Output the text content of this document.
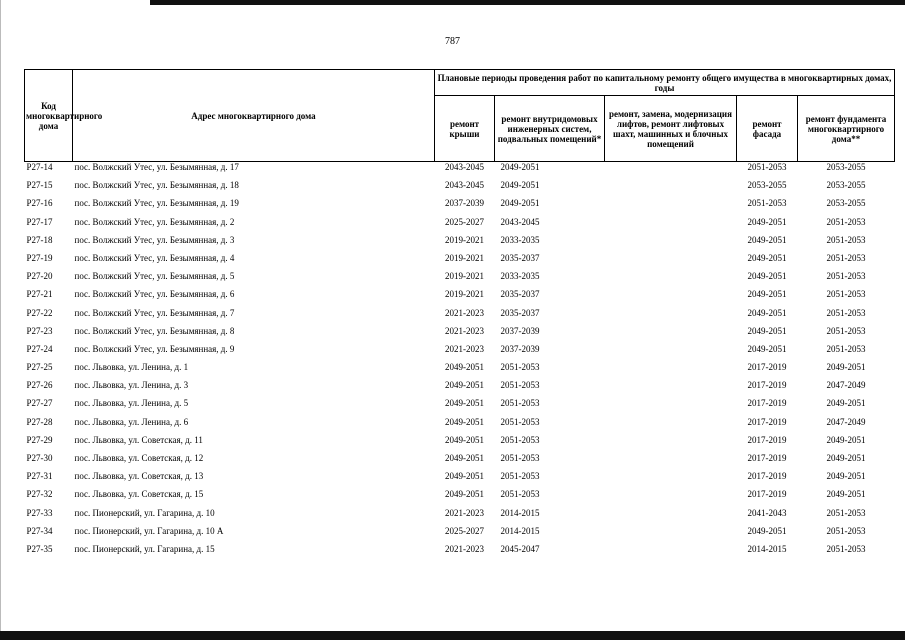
787
Код многоквартирного дома	Адрес многоквартирного дома	Плановые периоды проведения работ по капитальному ремонту общего имущества в многоквартирных домах, годы				
		ремонт крыши	ремонт внутридомовых инженерных систем, подвальных помещений*	ремонт, замена, модернизация лифтов, ремонт лифтовых шахт, машинных и блочных помещений	ремонт фасада	ремонт фундамента многоквартирного дома**
P27-14	пос. Волжский Утес, ул. Безымянная, д. 17	2043-2045	2049-2051		2051-2053	2053-2055
P27-15	пос. Волжский Утес, ул. Безымянная, д. 18	2043-2045	2049-2051		2053-2055	2053-2055
P27-16	пос. Волжский Утес, ул. Безымянная, д. 19	2037-2039	2049-2051		2051-2053	2053-2055
P27-17	пос. Волжский Утес, ул. Безымянная, д. 2	2025-2027	2043-2045		2049-2051	2051-2053
P27-18	пос. Волжский Утес, ул. Безымянная, д. 3	2019-2021	2033-2035		2049-2051	2051-2053
P27-19	пос. Волжский Утес, ул. Безымянная, д. 4	2019-2021	2035-2037		2049-2051	2051-2053
P27-20	пос. Волжский Утес, ул. Безымянная, д. 5	2019-2021	2033-2035		2049-2051	2051-2053
P27-21	пос. Волжский Утес, ул. Безымянная, д. 6	2019-2021	2035-2037		2049-2051	2051-2053
P27-22	пос. Волжский Утес, ул. Безымянная, д. 7	2021-2023	2035-2037		2049-2051	2051-2053
P27-23	пос. Волжский Утес, ул. Безымянная, д. 8	2021-2023	2037-2039		2049-2051	2051-2053
P27-24	пос. Волжский Утес, ул. Безымянная, д. 9	2021-2023	2037-2039		2049-2051	2051-2053
P27-25	пос. Львовка, ул. Ленина, д. 1	2049-2051	2051-2053		2017-2019	2049-2051
P27-26	пос. Львовка, ул. Ленина, д. 3	2049-2051	2051-2053		2017-2019	2047-2049
P27-27	пос. Львовка, ул. Ленина, д. 5	2049-2051	2051-2053		2017-2019	2049-2051
P27-28	пос. Львовка, ул. Ленина, д. 6	2049-2051	2051-2053		2017-2019	2047-2049
P27-29	пос. Львовка, ул. Советская, д. 11	2049-2051	2051-2053		2017-2019	2049-2051
P27-30	пос. Львовка, ул. Советская, д. 12	2049-2051	2051-2053		2017-2019	2049-2051
P27-31	пос. Львовка, ул. Советская, д. 13	2049-2051	2051-2053		2017-2019	2049-2051
P27-32	пос. Львовка, ул. Советская, д. 15	2049-2051	2051-2053		2017-2019	2049-2051
P27-33	пос. Пионерский, ул. Гагарина, д. 10	2021-2023	2014-2015		2041-2043	2051-2053
P27-34	пос. Пионерский, ул. Гагарина, д. 10 А	2025-2027	2014-2015		2049-2051	2051-2053
P27-35	пос. Пионерский, ул. Гагарина, д. 15	2021-2023	2045-2047		2014-2015	2051-2053
